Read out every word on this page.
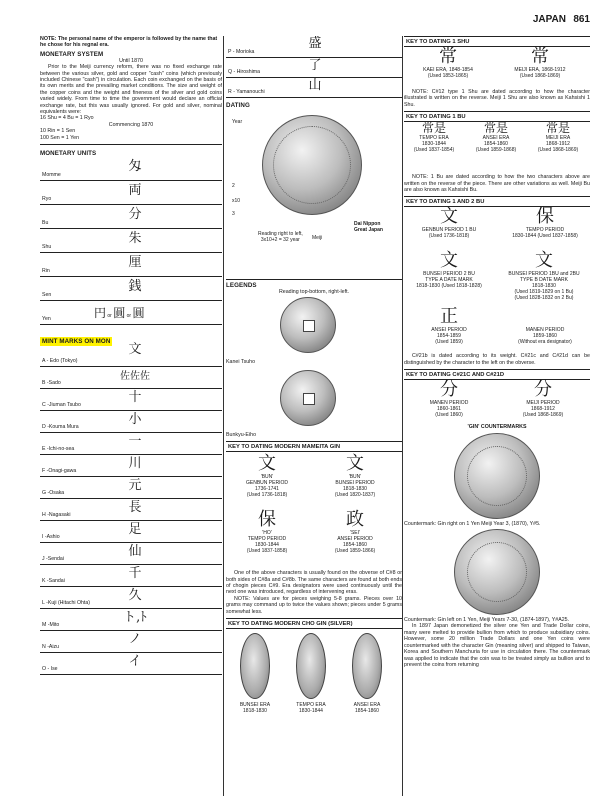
JAPAN 861
NOTE: The personal name of the emperor is followed by the name that he chose for his regnal era.
MONETARY SYSTEM
Until 1870
Prior to the Meiji currency reform, there was no fixed exchange rate between the various silver, gold and copper "cash" coins (which previously included Chinese "cash") in circulation. Each coin exchanged on the basis of its own merits and the prevailing market conditions. The size and weight of the copper coins and the weight and fineness of the silver and gold coins varied widely. From time to time the government would declare an official exchange rate, but this was usually ignored. For gold and silver, nominal equivalents were:
16 Shu = 4 Bu = 1 Ryo
Commencing 1870
10 Rin = 1 Sen
100 Sen = 1 Yen
MONETARY UNITS
匁
Momme
両
Ryo
分
Bu
朱
Shu
厘
Rin
銭
Sen
Yen	円 or 圓 or 圓
MINT MARKS ON MON
文
A - Edo (Tokyo)
佐佐佐
B -Sado
十
C -Jiuman Tsubo
小
D -Kouma Mura
一
E -Ichi-no-sea
川
F -Onagi-gawa
元
G -Osaka
長
H -Nagasaki
足
I -Ashio
仙
J -Sendai
千
K -Sandai
久
L -Kuji (Hitachi Ohta)
ト,ﾄ
M -Mito
ノ
N -Aizu
イ
O - Ise
盛
P - Morioka
了
Q - Hiroshima
山
R - Yamanouchi
DATING
Year
2
x10
3
Dai Nippon
Great Japan
Reading right to left,
3x10+2 = 32 year	Meiji
LEGENDS
Reading top-bottom, right-left.
Kanei Tsuho
Bunkyu-Eiho
KEY TO DATING MODERN MAMEITA GIN
文
'BUN'
GENBUN PERIOD
1736-1741
(Used 1736-1818)
文
'BUN'
BUNSEI PERIOD
1818-1830
(Used 1820-1837)
保
'HO'
TEMPO PERIOD
1830-1844
(Used 1837-1858)
政
'SEI'
ANSEI PERIOD
1854-1860
(Used 1859-1866)
One of the above characters is usually found on the obverse of C#8 or both sides of C#8a and C#8b. The same characters are found at both ends of chogin pieces C#9. Era designators were used continuously until the next one was introduced, regardless of intervening eras.
NOTE: Values are for pieces weighing 5-8 grams. Pieces over 10 grams may command up to twice the values shown; pieces under 5 grams somewhat less.
KEY TO DATING MODERN CHO GIN (SILVER)
BUNSEI ERA
1818-1830
TEMPO ERA
1830-1844
ANSEI ERA
1854-1860
KEY TO DATING 1 SHU
常
KAEI ERA, 1848-1854
(Used 1853-1865)
常
MEIJI ERA, 1868-1912
(Used 1868-1869)
NOTE: C#12 type 1 Shu are dated according to how the character illustrated is written on the reverse. Meiji 1 Shu are also known as Kahsishi 1 Shu.
KEY TO DATING 1 BU
常是
TEMPO ERA
1830-1844
(Used 1837-1854)
常是
ANSEI ERA
1854-1860
(Used 1859-1868)
常是
MEIJI ERA
1868-1912
(Used 1868-1869)
NOTE: 1 Bu are dated according to how the two characters above are written on the reverse of the piece. There are other variations as well. Meiji Bu are also known as Kahsishi Bu.
KEY TO DATING 1 AND 2 BU
文
GENBUN PERIOD 1 BU
(Used 1736-1818)
保
TEMPO PERIOD
1830-1844 (Used 1837-1858)
文
BUNSEI PERIOD 2 BU
TYPE A DATE MARK
1818-1830 (Used 1818-1828)
文
BUNSEI PERIOD 1BU and 2BU
TYPE B DATE MARK
1818-1830
(Used 1819-1829 on 1 Bu)
(Used 1828-1832 on 2 Bu)
正
ANSEI PERIOD
1854-1859
(Used 1859)
MANEN PERIOD
1859-1860
(Without era designator)
C#21b is dated according to its weight. C#21c and C#21d can be distinguished by the character to the left on the obverse.
KEY TO DATING C#21C AND C#21D
分
MANEN PERIOD
1860-1861
(Used 1860)
分
MEIJI PERIOD
1868-1912
(Used 1868-1869)
'GIN' COUNTERMARKS
Countermark: Gin right on 1 Yen Meiji Year 3, (1870), Y#5.
Countermark: Gin left on 1 Yen, Meiji Years 7-30, (1874-1897), Y#A25.
In 1897 Japan demonetized the silver one Yen and Trade Dollar coins, many were melted to provide bullion from which to produce subsidiary coins. However, some 20 million Trade Dollars and one Yen coins were countermarked with the character Gin (meaning silver) and shipped to Taiwan, Korea and Southern Manchuria for use in circulation there. The countermark was applied to indicate that the coin was to be treated simply as bullion and to prevent the coins from returning
